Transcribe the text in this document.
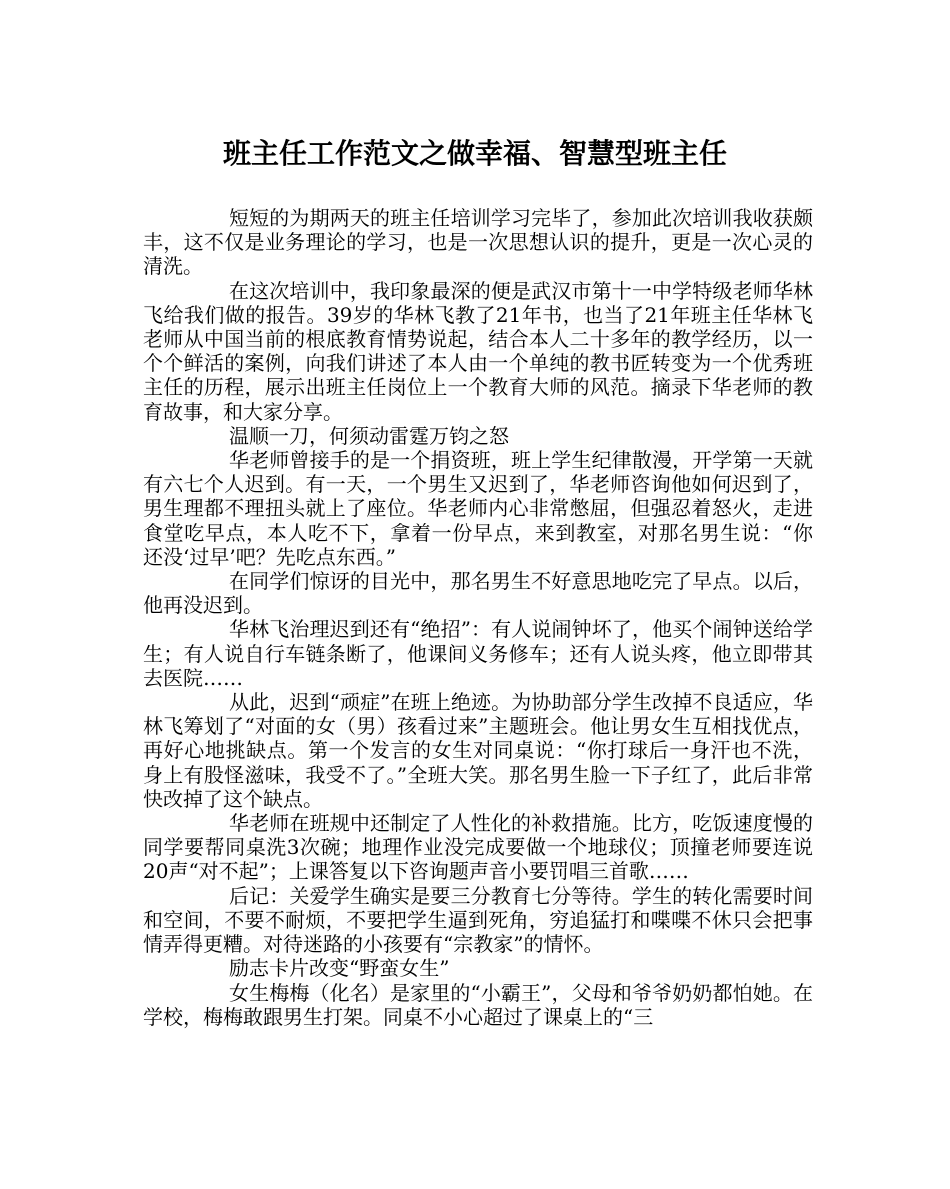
班主任工作范文之做幸福、智慧型班主任

短短的为期两天的班主任培训学习完毕了，参加此次培训我收获颇丰，这不仅是业务理论的学习，也是一次思想认识的提升，更是一次心灵的清洗。

在这次培训中，我印象最深的便是武汉市第十一中学特级老师华林飞给我们做的报告。39岁的华林飞教了21年书，也当了21年班主任华林飞老师从中国当前的根底教育情势说起，结合本人二十多年的教学经历，以一个个鲜活的案例，向我们讲述了本人由一个单纯的教书匠转变为一个优秀班主任的历程，展示出班主任岗位上一个教育大师的风范。摘录下华老师的教育故事，和大家分享。

温顺一刀，何须动雷霆万钧之怒

华老师曾接手的是一个捐资班，班上学生纪律散漫，开学第一天就有六七个人迟到。有一天，一个男生又迟到了，华老师咨询他如何迟到了，男生理都不理扭头就上了座位。华老师内心非常憋屈，但强忍着怒火，走进食堂吃早点，本人吃不下，拿着一份早点，来到教室，对那名男生说：“你还没‘过早’吧？先吃点东西。”

在同学们惊讶的目光中，那名男生不好意思地吃完了早点。以后，他再没迟到。

华林飞治理迟到还有“绝招”：有人说闹钟坏了，他买个闹钟送给学生；有人说自行车链条断了，他课间义务修车；还有人说头疼，他立即带其去医院……

从此，迟到“顽症”在班上绝迹。为协助部分学生改掉不良适应，华林飞筹划了“对面的女（男）孩看过来”主题班会。他让男女生互相找优点，再好心地挑缺点。第一个发言的女生对同桌说：“你打球后一身汗也不洗，身上有股怪滋味，我受不了。”全班大笑。那名男生脸一下子红了，此后非常快改掉了这个缺点。

华老师在班规中还制定了人性化的补救措施。比方，吃饭速度慢的同学要帮同桌洗3次碗；地理作业没完成要做一个地球仪；顶撞老师要连说20声“对不起”；上课答复以下咨询题声音小要罚唱三首歌……

后记：关爱学生确实是要三分教育七分等待。学生的转化需要时间和空间，不要不耐烦，不要把学生逼到死角，穷追猛打和喋喋不休只会把事情弄得更糟。对待迷路的小孩要有“宗教家”的情怀。

励志卡片改变“野蛮女生”

女生梅梅（化名）是家里的“小霸王”，父母和爷爷奶奶都怕她。在学校，梅梅敢跟男生打架。同桌不小心超过了课桌上的“三
